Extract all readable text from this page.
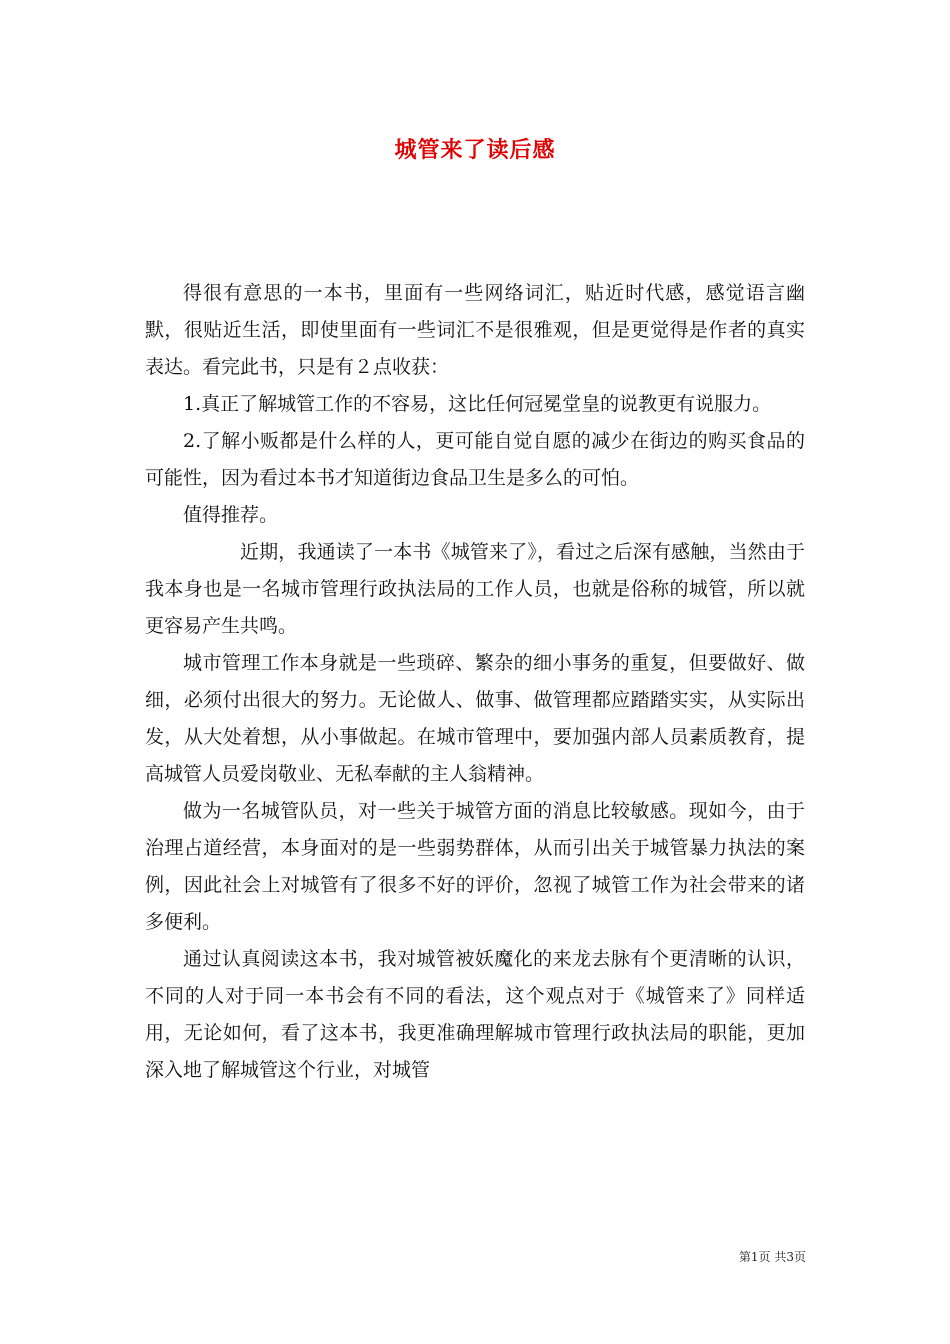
城管来了读后感

得很有意思的一本书，里面有一些网络词汇，贴近时代感，感觉语言幽默，很贴近生活，即使里面有一些词汇不是很雅观，但是更觉得是作者的真实表达。看完此书，只是有２点收获：

1.真正了解城管工作的不容易，这比任何冠冕堂皇的说教更有说服力。

2.了解小贩都是什么样的人，更可能自觉自愿的减少在街边的购买食品的可能性，因为看过本书才知道街边食品卫生是多么的可怕。

值得推荐。

近期，我通读了一本书《城管来了》，看过之后深有感触，当然由于我本身也是一名城市管理行政执法局的工作人员，也就是俗称的城管，所以就更容易产生共鸣。

城市管理工作本身就是一些琐碎、繁杂的细小事务的重复，但要做好、做细，必须付出很大的努力。无论做人、做事、做管理都应踏踏实实，从实际出发，从大处着想，从小事做起。在城市管理中，要加强内部人员素质教育，提高城管人员爱岗敬业、无私奉献的主人翁精神。

做为一名城管队员，对一些关于城管方面的消息比较敏感。现如今，由于治理占道经营，本身面对的是一些弱势群体，从而引出关于城管暴力执法的案例，因此社会上对城管有了很多不好的评价，忽视了城管工作为社会带来的诸多便利。

通过认真阅读这本书，我对城管被妖魔化的来龙去脉有个更清晰的认识，不同的人对于同一本书会有不同的看法，这个观点对于《城管来了》同样适用，无论如何，看了这本书，我更准确理解城市管理行政执法局的职能，更加深入地了解城管这个行业，对城管

第1页 共3页
